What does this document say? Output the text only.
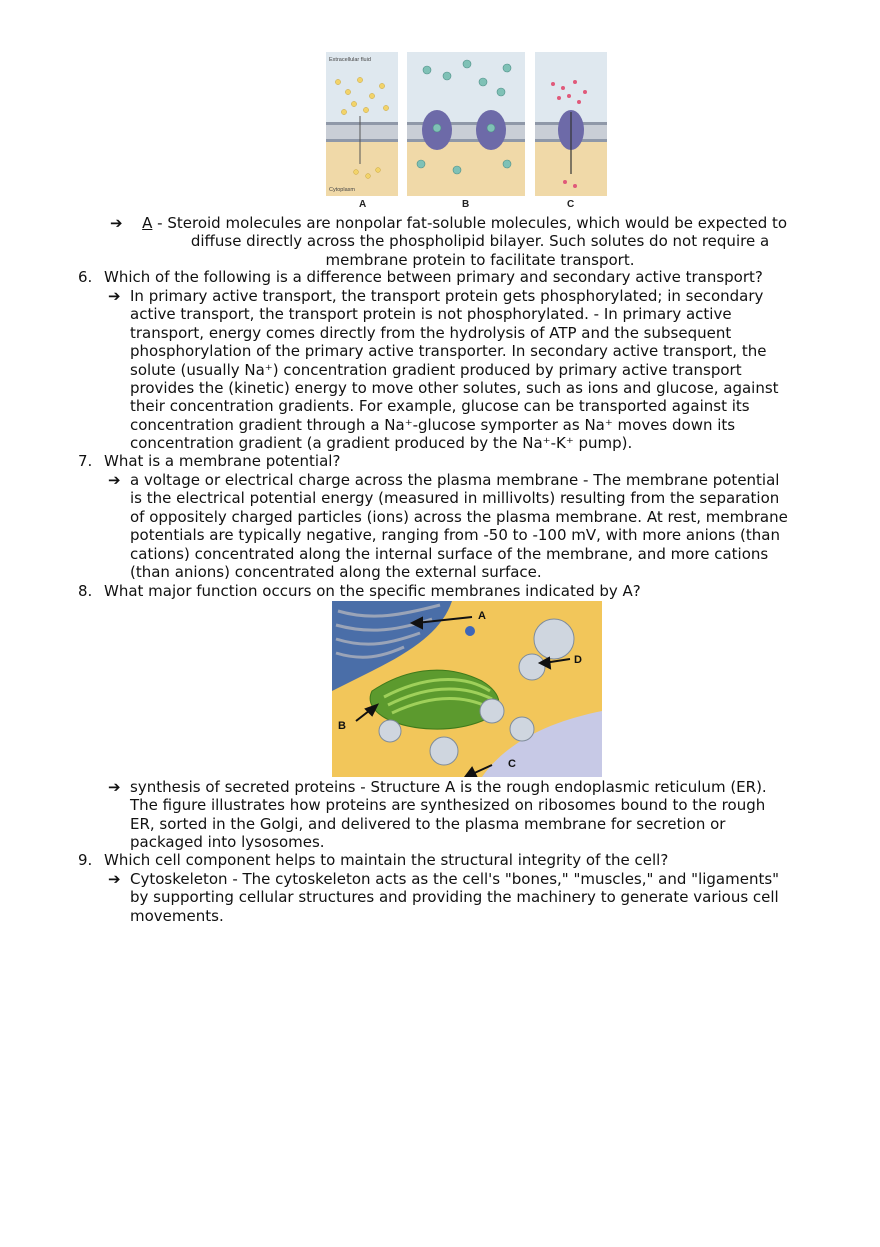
Extracellular fluid
Cytoplasm
A	B	C
➔ A - Steroid molecules are nonpolar fat-soluble molecules, which would be expected to
diffuse directly across the phospholipid bilayer. Such solutes do not require a
membrane protein to facilitate transport.
6. Which of the following is a difference between primary and secondary active transport?
➔ In primary active transport, the transport protein gets phosphorylated; in secondary
active transport, the transport protein is not phosphorylated. - In primary active
transport, energy comes directly from the hydrolysis of ATP and the subsequent
phosphorylation of the primary active transporter. In secondary active transport, the
solute (usually Na⁺) concentration gradient produced by primary active transport
provides the (kinetic) energy to move other solutes, such as ions and glucose, against
their concentration gradients. For example, glucose can be transported against its
concentration gradient through a Na⁺-glucose symporter as Na⁺ moves down its
concentration gradient (a gradient produced by the Na⁺-K⁺ pump).
7. What is a membrane potential?
➔ a voltage or electrical charge across the plasma membrane - The membrane potential
is the electrical potential energy (measured in millivolts) resulting from the separation
of oppositely charged particles (ions) across the plasma membrane. At rest, membrane
potentials are typically negative, ranging from -50 to -100 mV, with more anions (than
cations) concentrated along the internal surface of the membrane, and more cations
(than anions) concentrated along the external surface.
8. What major function occurs on the specific membranes indicated by A?
A
B
C
D
➔ synthesis of secreted proteins - Structure A is the rough endoplasmic reticulum (ER).
The figure illustrates how proteins are synthesized on ribosomes bound to the rough
ER, sorted in the Golgi, and delivered to the plasma membrane for secretion or
packaged into lysosomes.
9. Which cell component helps to maintain the structural integrity of the cell?
➔ Cytoskeleton - The cytoskeleton acts as the cell's "bones," "muscles," and "ligaments"
by supporting cellular structures and providing the machinery to generate various cell
movements.
